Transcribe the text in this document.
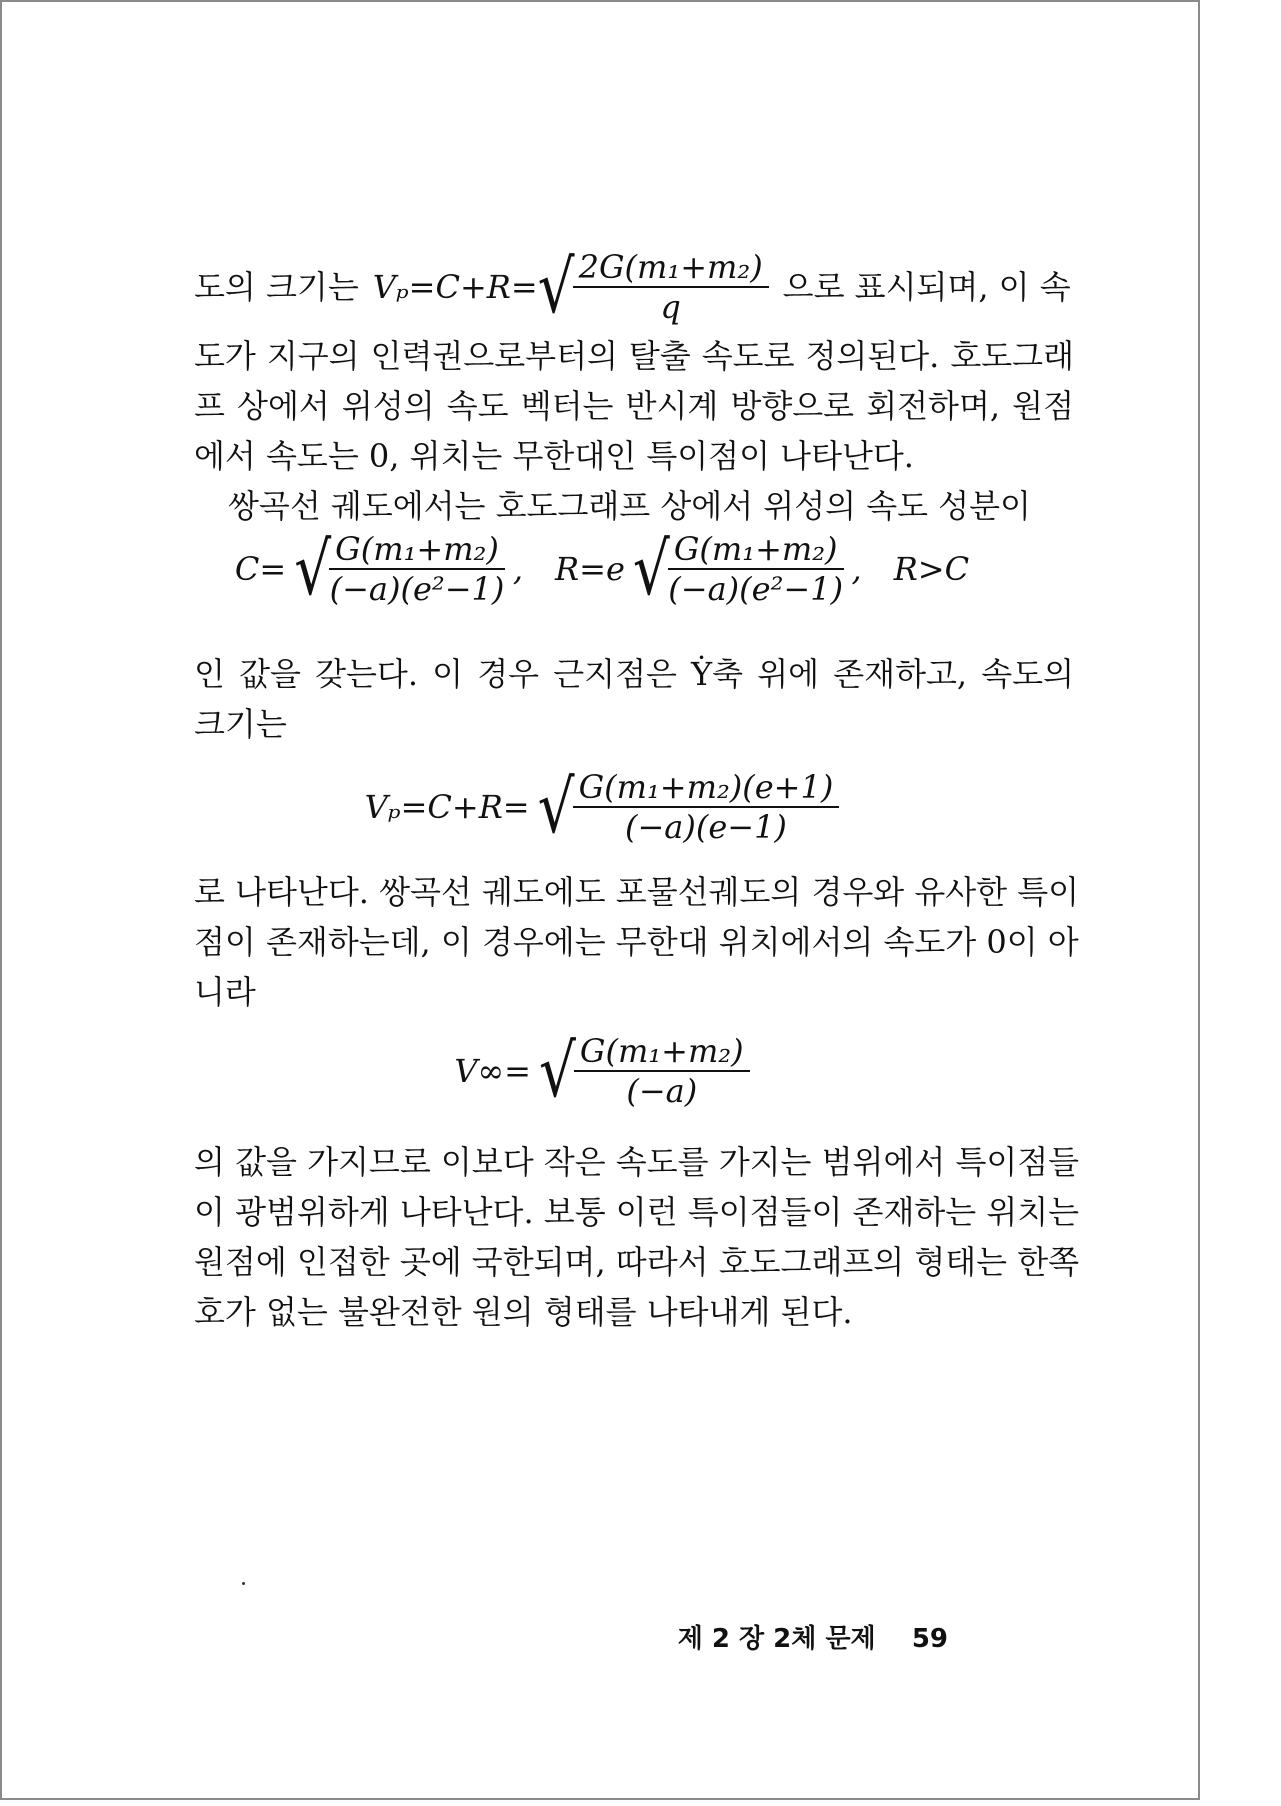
도의 크기는 Vₚ=C+R= √
$\frac{\text{2G(m₁+m₂)}}{q}$ 으로 표시되며, 이 속
도가 지구의 인력권으로부터의 탈출 속도로 정의된다. 호도그래
프 상에서 위성의 속도 벡터는 반시계 방향으로 회전하며, 원점
에서 속도는 0, 위치는 무한대인 특이점이 나타난다.
쌍곡선 궤도에서는 호도그래프 상에서 위성의 속도 성분이
C= √
$\frac{\text{G(m₁+m₂)}}{\text{(−a)(e²−1)}}$ , R=e √
$\frac{\text{G(m₁+m₂)}}{\text{(−a)(e²−1)}}$ , R>C
인 값을 갖는다. 이 경우 근지점은 Ẏ축 위에 존재하고, 속도의
크기는
Vₚ=C+R= √
$\frac{\text{G(m₁+m₂)(e+1)}}{(-a)(e-1)}$
로 나타난다. 쌍곡선 궤도에도 포물선궤도의 경우와 유사한 특이
점이 존재하는데, 이 경우에는 무한대 위치에서의 속도가 0이 아
니라
V∞= √
$\frac{\text{G(m₁+m₂)}}{(-a)}$
의 값을 가지므로 이보다 작은 속도를 가지는 범위에서 특이점들
이 광범위하게 나타난다. 보통 이런 특이점들이 존재하는 위치는
원점에 인접한 곳에 국한되며, 따라서 호도그래프의 형태는 한쪽
호가 없는 불완전한 원의 형태를 나타내게 된다.
제 2 장 2체 문제 59
